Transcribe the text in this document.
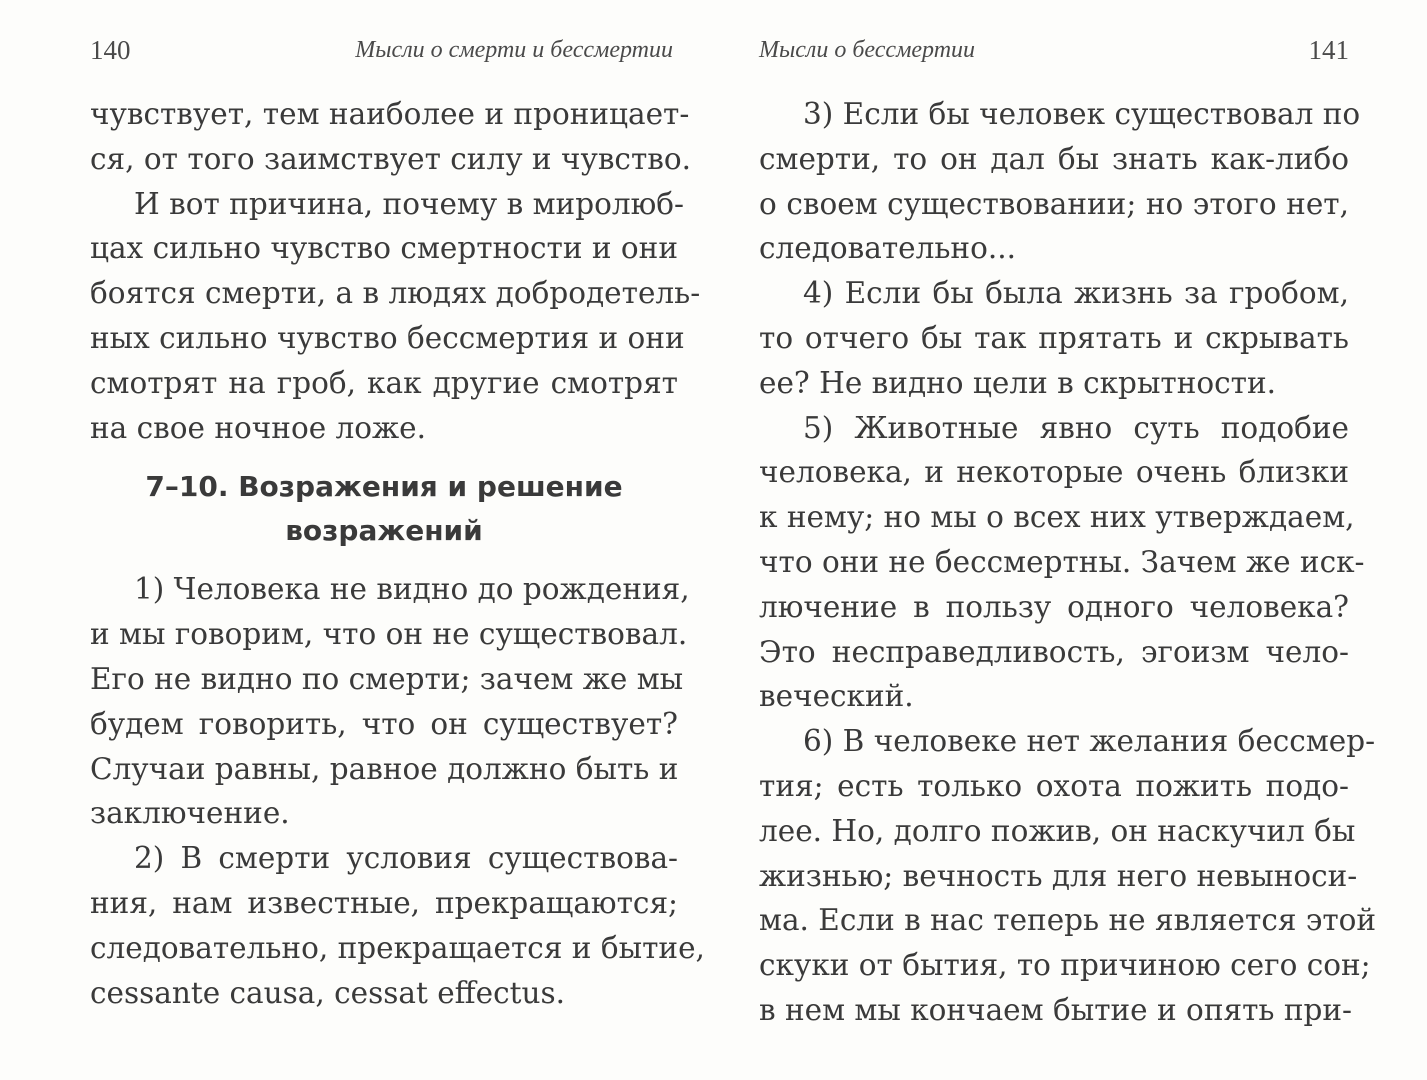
140	Мысли о смерти и бессмертии
чувствует, тем наиболее и проницает-
ся, от того заимствует силу и чувство.
И вот причина, почему в миролюб-
цах сильно чувство смертности и они
боятся смерти, а в людях добродетель-
ных сильно чувство бессмертия и они
смотрят на гроб, как другие смотрят
на свое ночное ложе.
7–10. Возражения и решение
возражений
1) Человека не видно до рождения,
и мы говорим, что он не существовал.
Его не видно по смерти; зачем же мы
будем говорить, что он существует?
Случаи равны, равное должно быть и
заключение.
2) В смерти условия существова-
ния, нам известные, прекращаются;
следовательно, прекращается и бытие,
cessante causa, cessat effectus.
Мысли о бессмертии	141
3) Если бы человек существовал по
смерти, то он дал бы знать как-либо
о своем существовании; но этого нет,
следовательно...
4) Если бы была жизнь за гробом,
то отчего бы так прятать и скрывать
ее? Не видно цели в скрытности.
5) Животные явно суть подобие
человека, и некоторые очень близки
к нему; но мы о всех них утверждаем,
что они не бессмертны. Зачем же иск-
лючение в пользу одного человека?
Это несправедливость, эгоизм чело-
веческий.
6) В человеке нет желания бессмер-
тия; есть только охота пожить подо-
лее. Но, долго пожив, он наскучил бы
жизнью; вечность для него невыноси-
ма. Если в нас теперь не является этой
скуки от бытия, то причиною сего сон;
в нем мы кончаем бытие и опять при-
